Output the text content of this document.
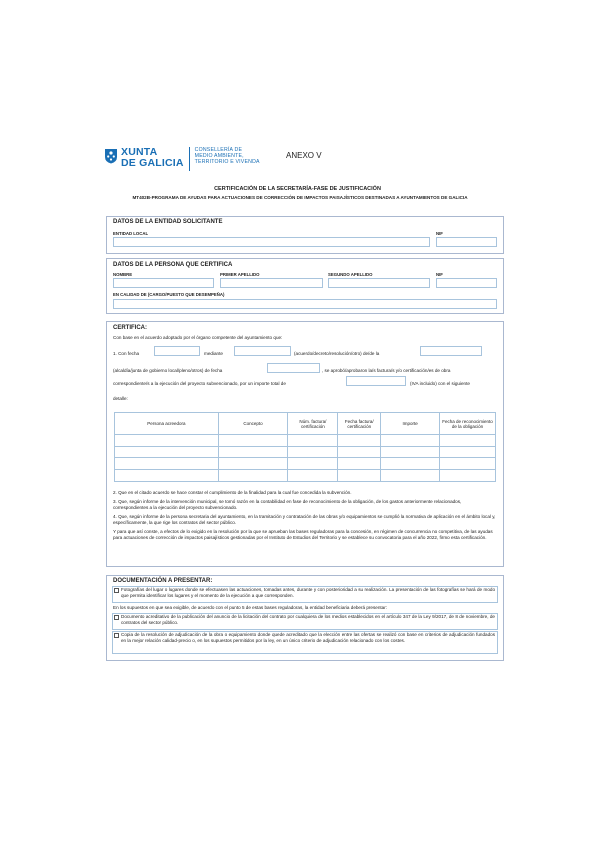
XUNTA
DE GALICIA
CONSELLERÍA DE
MEDIO AMBIENTE,
TERRITORIO E VIVENDA
ANEXO V
CERTIFICACIÓN DE LA SECRETARÍA-FASE DE JUSTIFICACIÓN
MT402B-PROGRAMA DE AYUDAS PARA ACTUACIONES DE CORRECCIÓN DE IMPACTOS PAISAJÍSTICOS DESTINADAS A AYUNTAMIENTOS DE GALICIA
DATOS DE LA ENTIDAD SOLICITANTE
ENTIDAD LOCAL	NIF
DATOS DE LA PERSONA QUE CERTIFICA
NOMBRE	PRIMER APELLIDO	SEGUNDO APELLIDO	NIF
EN CALIDAD DE (CARGO/PUESTO QUE DESEMPEÑA)
CERTIFICA:
Con base en el acuerdo adoptado por el órgano competente del ayuntamiento que:
1. Con fecha	mediante	(acuerdo/decreto/resolución/otro) de/de la
(alcaldía/junta de gobierno local/pleno/otros) de fecha	, se aprobó/aprobaron la/s factura/s y/o certificación/es de obra
correspondiente/s a la ejecución del proyecto subvencionado, por un importe total de	(IVA incluido) con el siguiente
detalle:
Persona acreedora	Concepto	Núm. factura/ certificación	Fecha factura/ certificación	Importe	Fecha de reconocimiento de la obligación

2. Que en el citado acuerdo se hace constar el cumplimiento de la finalidad para la cual fue concedida la subvención.
3. Que, según informe de la intervención municipal, se tomó razón en la contabilidad en fase de reconocimiento de la obligación, de los gastos anteriormente relacionados, correspondientes a la ejecución del proyecto subvencionado.
4. Que, según informe de la persona secretaria del ayuntamiento, en la tramitación y contratación de las obras y/o equipamientos se cumplió la normativa de aplicación en el ámbito local y, específicamente, la que rige los contratos del sector público.
Y para que así conste, a efectos de lo exigido en la resolución por la que se aprueban las bases reguladoras para la concesión, en régimen de concurrencia no competitiva, de las ayudas para actuaciones de corrección de impactos paisajísticos gestionadas por el Instituto de Estudios del Territorio y se establece su convocatoria para el año 2022, firmo esta certificación.
DOCUMENTACIÓN A PRESENTAR:
Fotografías del lugar o lugares donde se efectuasen las actuaciones, tomadas antes, durante y con posterioridad a su realización. La presentación de las fotografías se hará de modo que permita identificar los lugares y el momento de la ejecución a que corresponden.
En los supuestos en que sea exigible, de acuerdo con el punto 5 de estas bases reguladoras, la entidad beneficiaria deberá presentar:
Documento acreditativo de la publicación del anuncio de la licitación del contrato por cualquiera de los medios establecidos en el artículo 347 de la Ley 9/2017, de 8 de noviembre, de contratos del sector público.
Copia de la resolución de adjudicación de la obra o equipamiento donde quede acreditado que la elección entre las ofertas se realizó con base en criterios de adjudicación fundados en la mejor relación calidad-precio o, en los supuestos permitidos por la ley, en un único criterio de adjudicación relacionado con los costes.
